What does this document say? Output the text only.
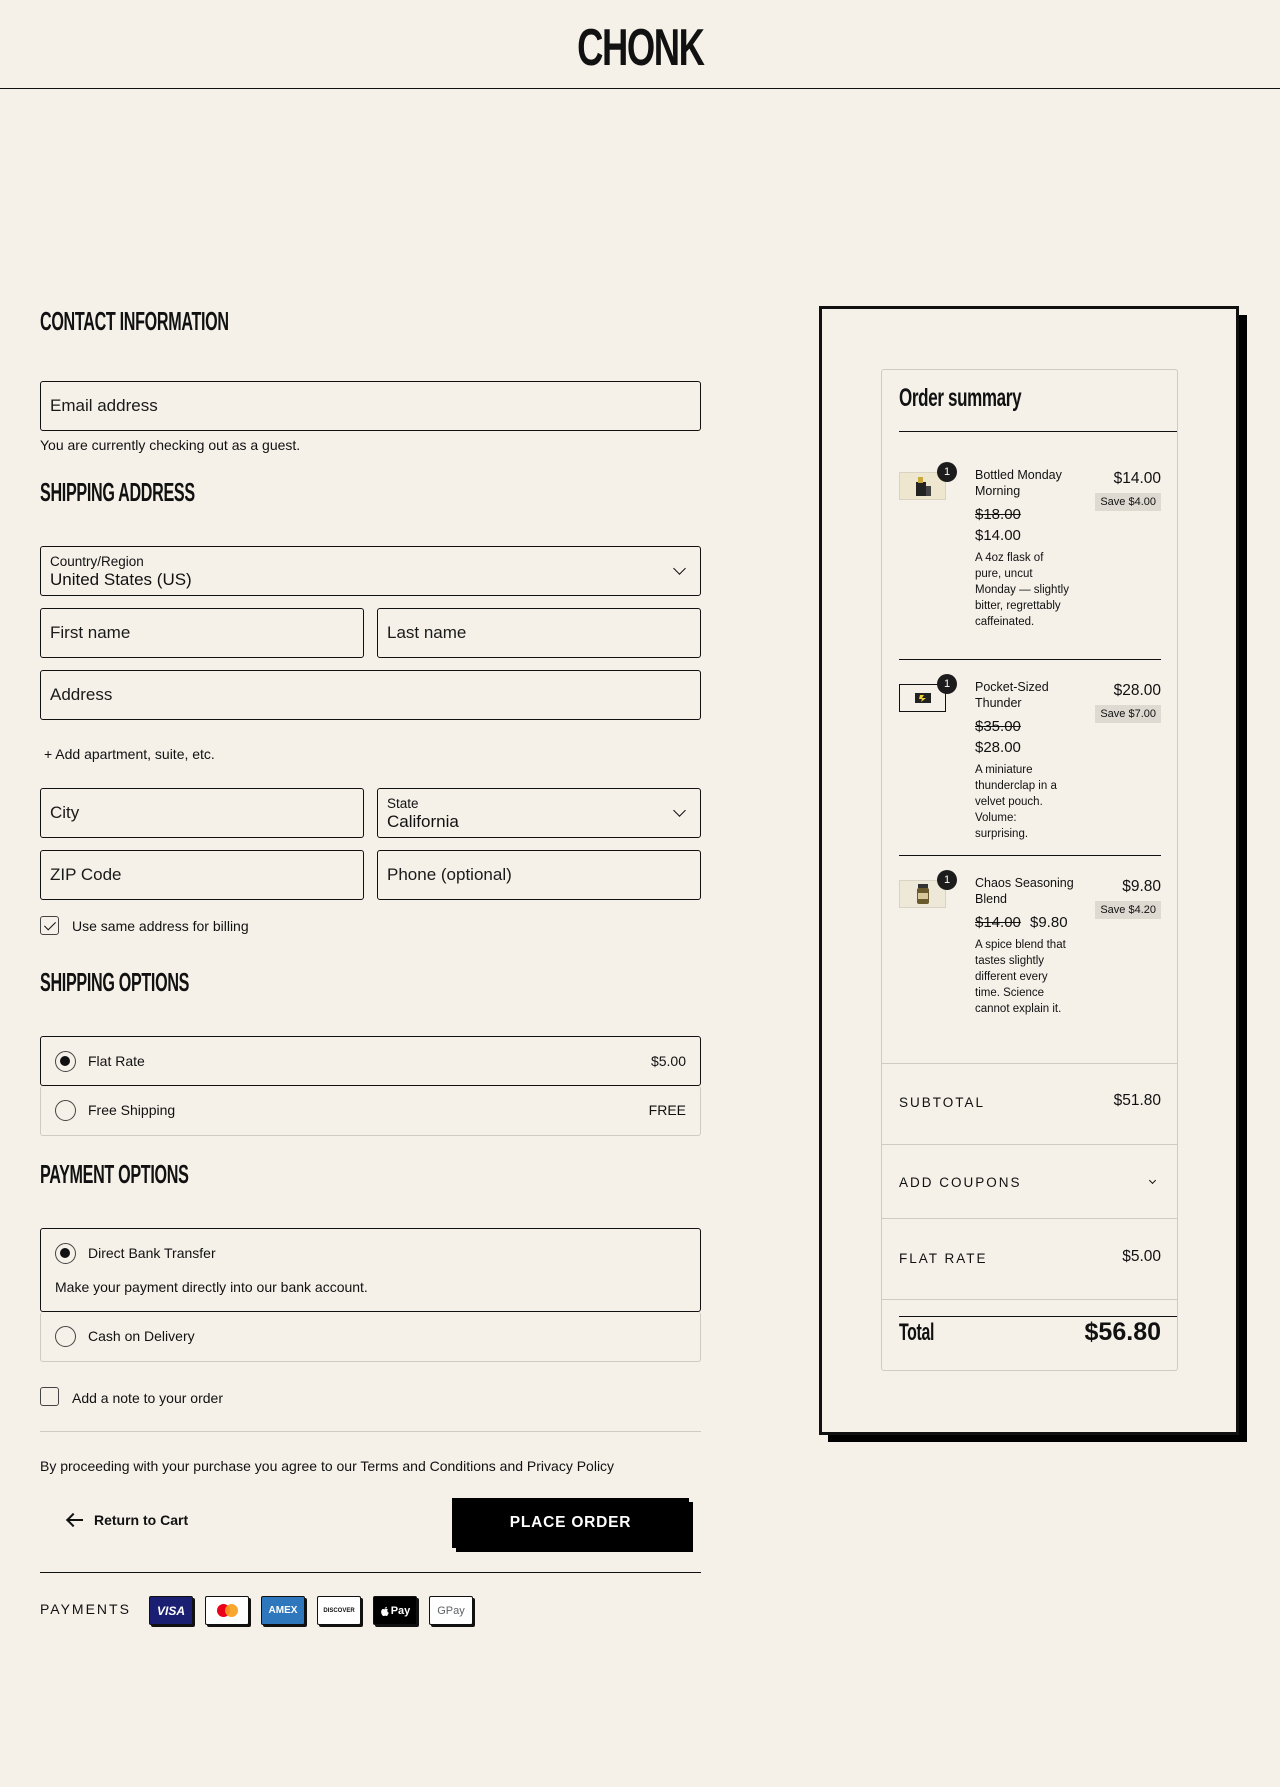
CHONK
CONTACT INFORMATION
Email address
You are currently checking out as a guest.
SHIPPING ADDRESS
Country/Region
United States (US)
First name	Last name
Address
+ Add apartment, suite, etc.
City	State
California
ZIP Code	Phone (optional)
Use same address for billing
SHIPPING OPTIONS
Flat Rate	$5.00
Free Shipping	FREE
PAYMENT OPTIONS
Direct Bank Transfer
Make your payment directly into our bank account.
Cash on Delivery
Add a note to your order
By proceeding with your purchase you agree to our Terms and Conditions and Privacy Policy
Return to Cart	PLACE ORDER
PAYMENTS VISA	AMEX	DISCOVER	Pay GPay
Order summary
1	Bottled Monday Morning
$18.00
$14.00
A 4oz flask of pure, uncut Monday — slightly bitter, regrettably caffeinated.
$14.00
Save $4.00
1	Pocket-Sized Thunder
$35.00
$28.00
A miniature thunderclap in a velvet pouch. Volume: surprising.
$28.00
Save $7.00
1	Chaos Seasoning Blend
$14.00 $9.80
A spice blend that tastes slightly different every time. Science cannot explain it.
$9.80
Save $4.20
SUBTOTAL	$51.80
ADD COUPONS
FLAT RATE	$5.00
Total	$56.80
